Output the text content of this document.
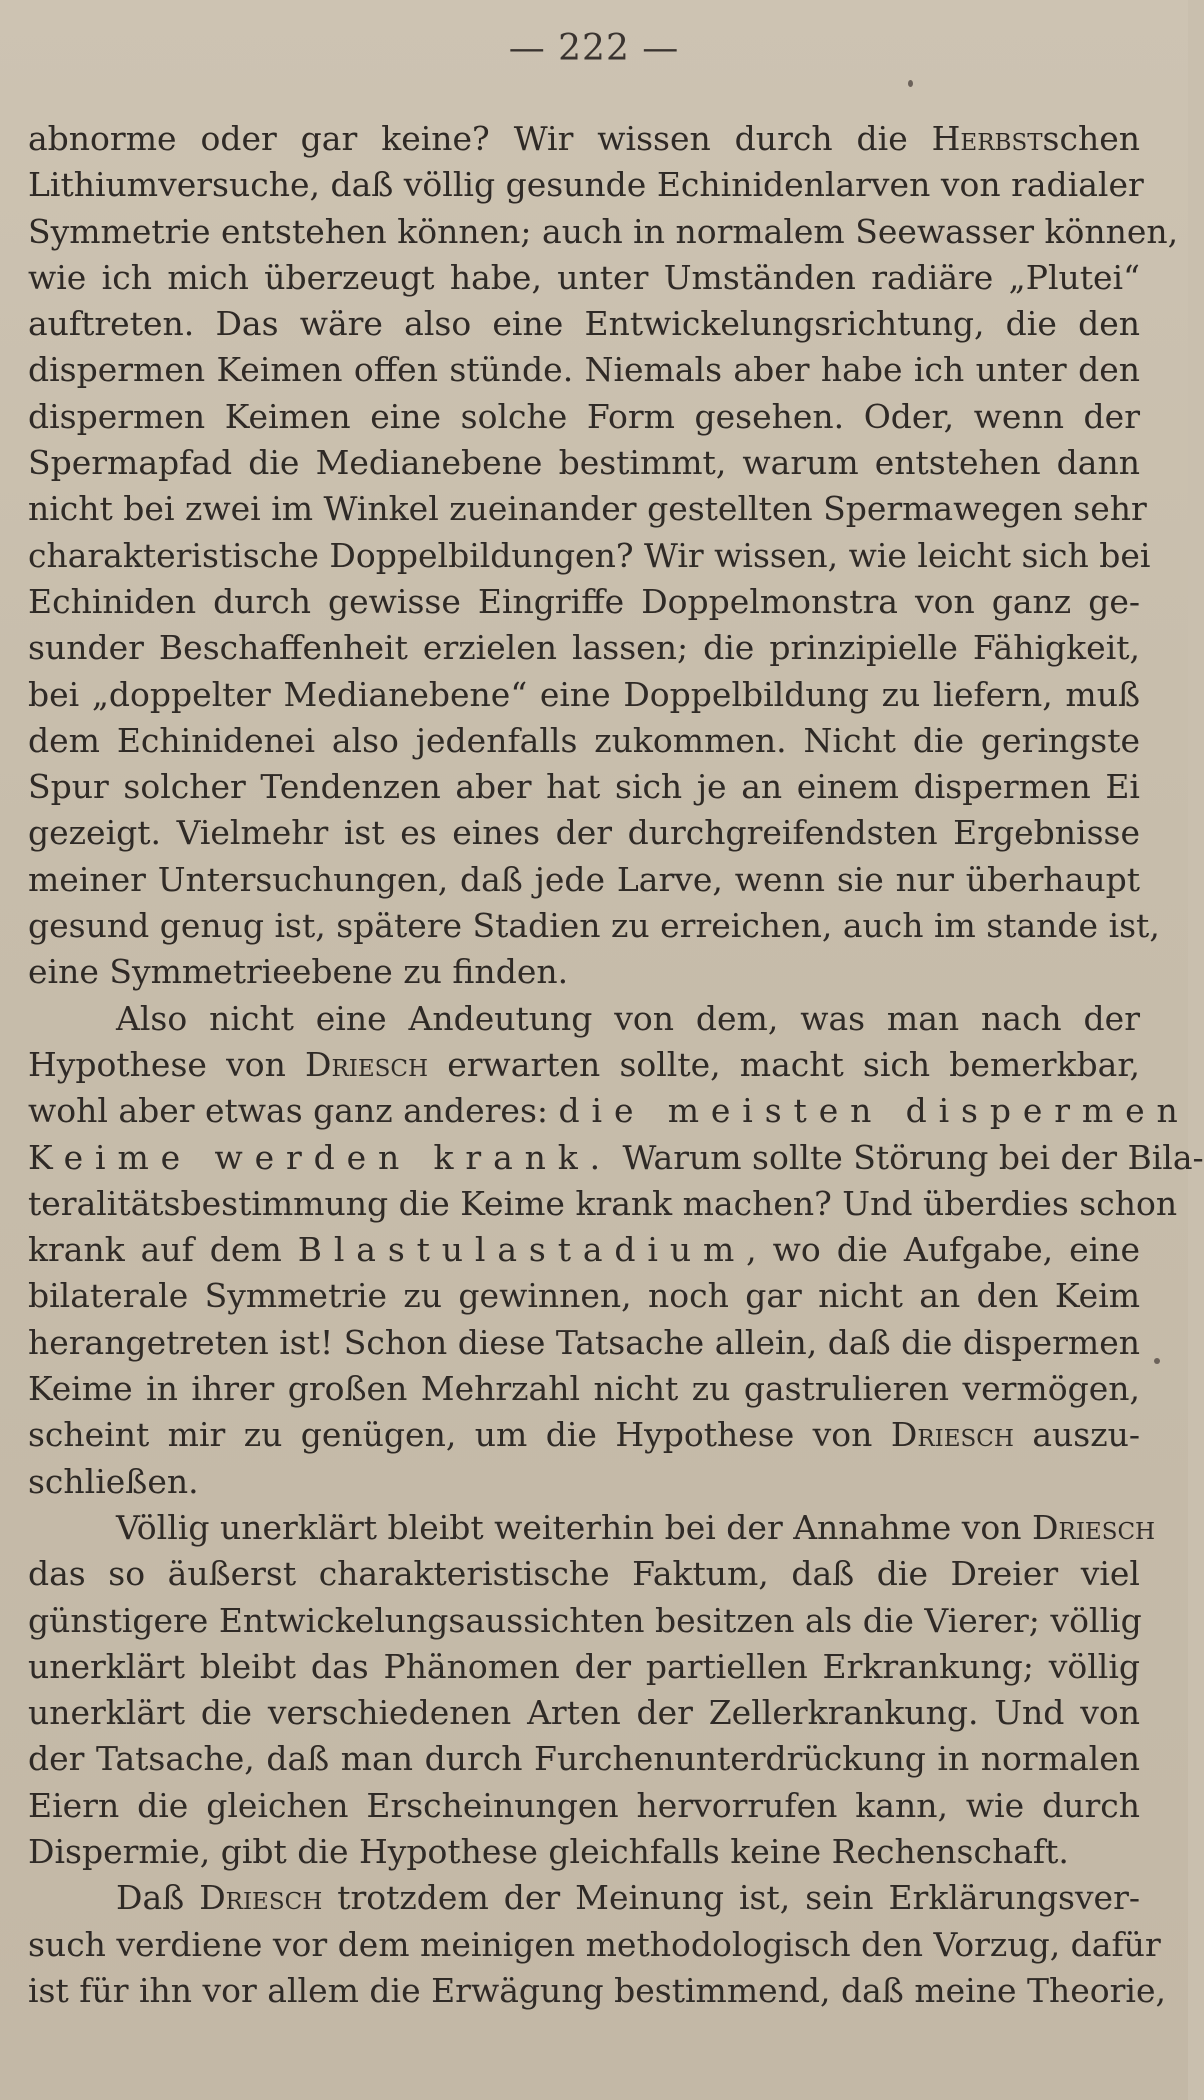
— 222 —
abnorme oder gar keine? Wir wissen durch die Herbstschen
Lithiumversuche, daß völlig gesunde Echinidenlarven von radialer
Symmetrie entstehen können; auch in normalem Seewasser können,
wie ich mich überzeugt habe, unter Umständen radiäre „Plutei“
auftreten. Das wäre also eine Entwickelungsrichtung, die den
dispermen Keimen offen stünde. Niemals aber habe ich unter den
dispermen Keimen eine solche Form gesehen. Oder, wenn der
Spermapfad die Medianebene bestimmt, warum entstehen dann
nicht bei zwei im Winkel zueinander gestellten Spermawegen sehr
charakteristische Doppelbildungen? Wir wissen, wie leicht sich bei
Echiniden durch gewisse Eingriffe Doppelmonstra von ganz ge-
sunder Beschaffenheit erzielen lassen; die prinzipielle Fähigkeit,
bei „doppelter Medianebene“ eine Doppelbildung zu liefern, muß
dem Echinidenei also jedenfalls zukommen. Nicht die geringste
Spur solcher Tendenzen aber hat sich je an einem dispermen Ei
gezeigt. Vielmehr ist es eines der durchgreifendsten Ergebnisse
meiner Untersuchungen, daß jede Larve, wenn sie nur überhaupt
gesund genug ist, spätere Stadien zu erreichen, auch im stande ist,
eine Symmetrieebene zu finden.
Also nicht eine Andeutung von dem, was man nach der
Hypothese von Driesch erwarten sollte, macht sich bemerkbar,
wohl aber etwas ganz anderes: die meisten dispermen
Keime werden krank. Warum sollte Störung bei der Bila-
teralitätsbestimmung die Keime krank machen? Und überdies schon
krank auf dem Blastulastadium, wo die Aufgabe, eine
bilaterale Symmetrie zu gewinnen, noch gar nicht an den Keim
herangetreten ist! Schon diese Tatsache allein, daß die dispermen
Keime in ihrer großen Mehrzahl nicht zu gastrulieren vermögen,
scheint mir zu genügen, um die Hypothese von Driesch auszu-
schließen.
Völlig unerklärt bleibt weiterhin bei der Annahme von Driesch
das so äußerst charakteristische Faktum, daß die Dreier viel
günstigere Entwickelungsaussichten besitzen als die Vierer; völlig
unerklärt bleibt das Phänomen der partiellen Erkrankung; völlig
unerklärt die verschiedenen Arten der Zellerkrankung. Und von
der Tatsache, daß man durch Furchenunterdrückung in normalen
Eiern die gleichen Erscheinungen hervorrufen kann, wie durch
Dispermie, gibt die Hypothese gleichfalls keine Rechenschaft.
Daß Driesch trotzdem der Meinung ist, sein Erklärungsver-
such verdiene vor dem meinigen methodologisch den Vorzug, dafür
ist für ihn vor allem die Erwägung bestimmend, daß meine Theorie,
